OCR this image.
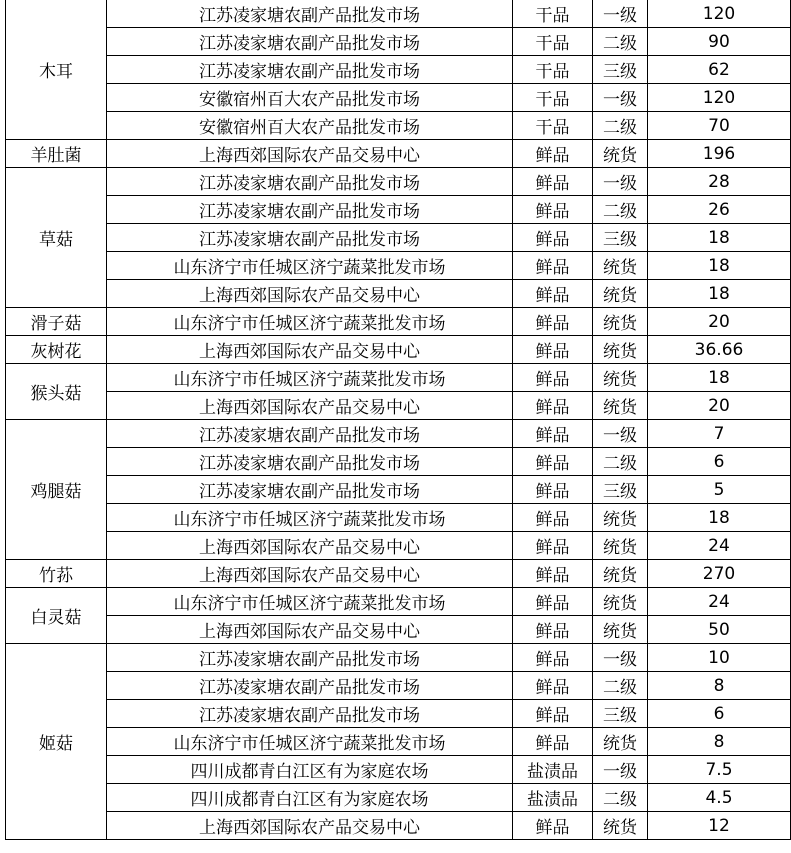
木耳	江苏凌家塘农副产品批发市场	干品	一级	120
	江苏凌家塘农副产品批发市场	干品	二级	90
	江苏凌家塘农副产品批发市场	干品	三级	62
	安徽宿州百大农产品批发市场	干品	一级	120
	安徽宿州百大农产品批发市场	干品	二级	70
羊肚菌	上海西郊国际农产品交易中心	鲜品	统货	196
草菇	江苏凌家塘农副产品批发市场	鲜品	一级	28
	江苏凌家塘农副产品批发市场	鲜品	二级	26
	江苏凌家塘农副产品批发市场	鲜品	三级	18
	山东济宁市任城区济宁蔬菜批发市场	鲜品	统货	18
	上海西郊国际农产品交易中心	鲜品	统货	18
滑子菇	山东济宁市任城区济宁蔬菜批发市场	鲜品	统货	20
灰树花	上海西郊国际农产品交易中心	鲜品	统货	36.66
猴头菇	山东济宁市任城区济宁蔬菜批发市场	鲜品	统货	18
	上海西郊国际农产品交易中心	鲜品	统货	20
鸡腿菇	江苏凌家塘农副产品批发市场	鲜品	一级	7
	江苏凌家塘农副产品批发市场	鲜品	二级	6
	江苏凌家塘农副产品批发市场	鲜品	三级	5
	山东济宁市任城区济宁蔬菜批发市场	鲜品	统货	18
	上海西郊国际农产品交易中心	鲜品	统货	24
竹荪	上海西郊国际农产品交易中心	鲜品	统货	270
白灵菇	山东济宁市任城区济宁蔬菜批发市场	鲜品	统货	24
	上海西郊国际农产品交易中心	鲜品	统货	50
姬菇	江苏凌家塘农副产品批发市场	鲜品	一级	10
	江苏凌家塘农副产品批发市场	鲜品	二级	8
	江苏凌家塘农副产品批发市场	鲜品	三级	6
	山东济宁市任城区济宁蔬菜批发市场	鲜品	统货	8
	四川成都青白江区有为家庭农场	盐渍品	一级	7.5
	四川成都青白江区有为家庭农场	盐渍品	二级	4.5
	上海西郊国际农产品交易中心	鲜品	统货	12
